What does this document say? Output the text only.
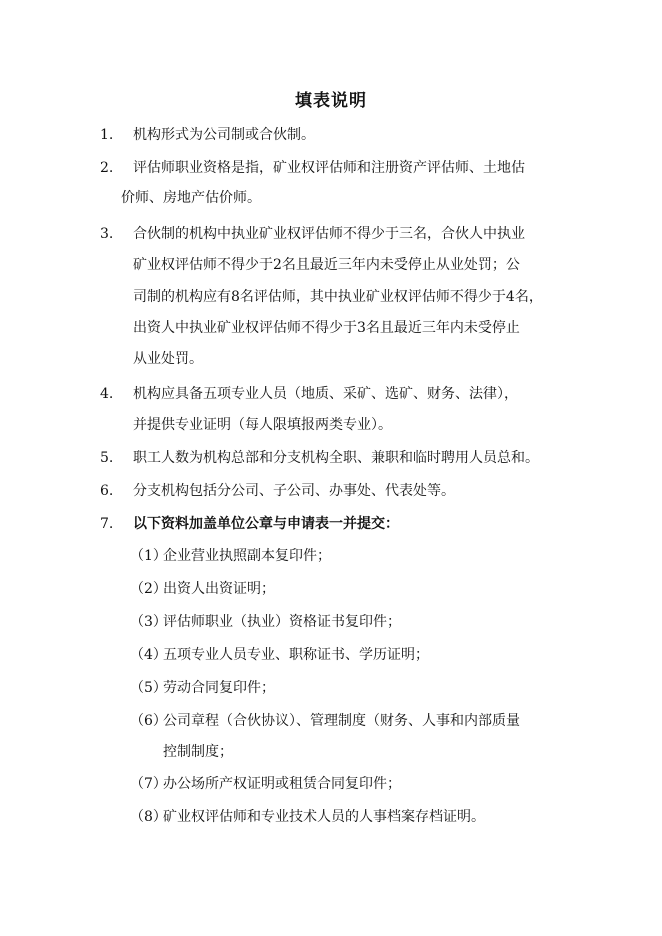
填表说明
1. 机构形式为公司制或合伙制。
2. 评估师职业资格是指，矿业权评估师和注册资产评估师、土地估
价师、房地产估价师。
3. 合伙制的机构中执业矿业权评估师不得少于三名，合伙人中执业
矿业权评估师不得少于2名且最近三年内未受停止从业处罚；公
司制的机构应有8名评估师，其中执业矿业权评估师不得少于4名，
出资人中执业矿业权评估师不得少于3名且最近三年内未受停止
从业处罚。
4. 机构应具备五项专业人员（地质、采矿、选矿、财务、法律），
并提供专业证明（每人限填报两类专业）。
5. 职工人数为机构总部和分支机构全职、兼职和临时聘用人员总和。
6. 分支机构包括分公司、子公司、办事处、代表处等。
7. 以下资料加盖单位公章与申请表一并提交：
（1）
企业营业执照副本复印件；
（2）
出资人出资证明；
（3）
评估师职业（执业）资格证书复印件；
（4）
五项专业人员专业、职称证书、学历证明；
（5）
劳动合同复印件；
（6）
公司章程（合伙协议）、管理制度（财务、人事和内部质量
控制制度；
（7）
办公场所产权证明或租赁合同复印件；
（8）
矿业权评估师和专业技术人员的人事档案存档证明。
